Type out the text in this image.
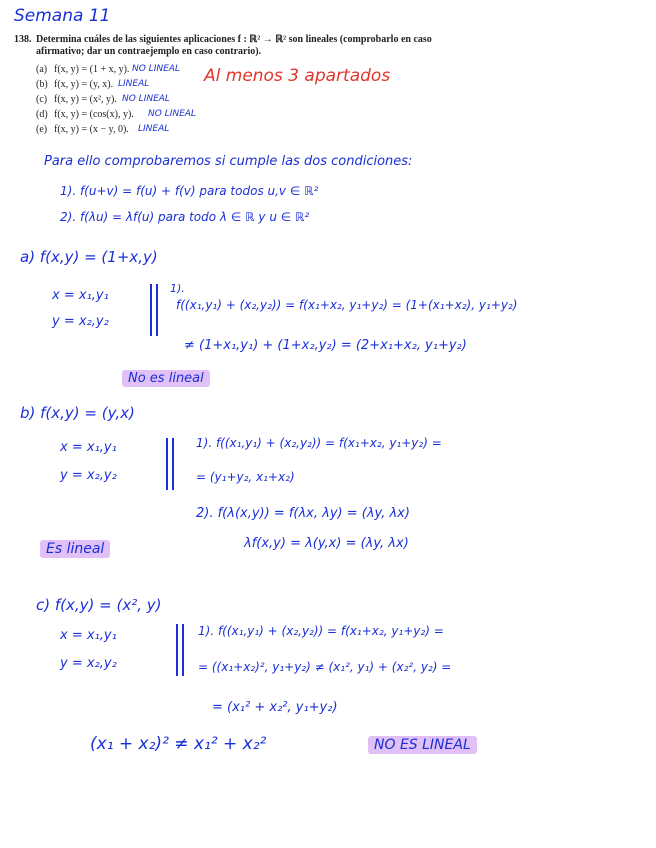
Semana 11
138. Determina cuáles de las siguientes aplicaciones f : ℝ² → ℝ² son lineales (comprobarlo en caso
afirmativo; dar un contraejemplo en caso contrario).
(a) f(x, y) = (1 + x, y). NO LINEAL
(b) f(x, y) = (y, x). LINEAL
(c) f(x, y) = (x², y). NO LINEAL
(d) f(x, y) = (cos(x), y). NO LINEAL
(e) f(x, y) = (x − y, 0). LINEAL
Al menos 3 apartados
Para ello comprobaremos si cumple las dos condiciones:
1). f(u+v) = f(u) + f(v) para todos u,v ∈ ℝ²
2). f(λu) = λf(u) para todo λ ∈ ℝ y u ∈ ℝ²
a) f(x,y) = (1+x,y)
x = x₁,y₁
y = x₂,y₂
1).
f((x₁,y₁) + (x₂,y₂)) = f(x₁+x₂, y₁+y₂) = (1+(x₁+x₂), y₁+y₂)
≠ (1+x₁,y₁) + (1+x₂,y₂) = (2+x₁+x₂, y₁+y₂)
No es lineal
b) f(x,y) = (y,x)
x = x₁,y₁
y = x₂,y₂
1). f((x₁,y₁) + (x₂,y₂)) = f(x₁+x₂, y₁+y₂) =
= (y₁+y₂, x₁+x₂)
2). f(λ(x,y)) = f(λx, λy) = (λy, λx)
λf(x,y) = λ(y,x) = (λy, λx)
Es lineal
c) f(x,y) = (x², y)
x = x₁,y₁
y = x₂,y₂
1). f((x₁,y₁) + (x₂,y₂)) = f(x₁+x₂, y₁+y₂) =
= ((x₁+x₂)², y₁+y₂) ≠ (x₁², y₁) + (x₂², y₂) =
= (x₁² + x₂², y₁+y₂)
(x₁ + x₂)² ≠ x₁² + x₂²	NO ES LINEAL
